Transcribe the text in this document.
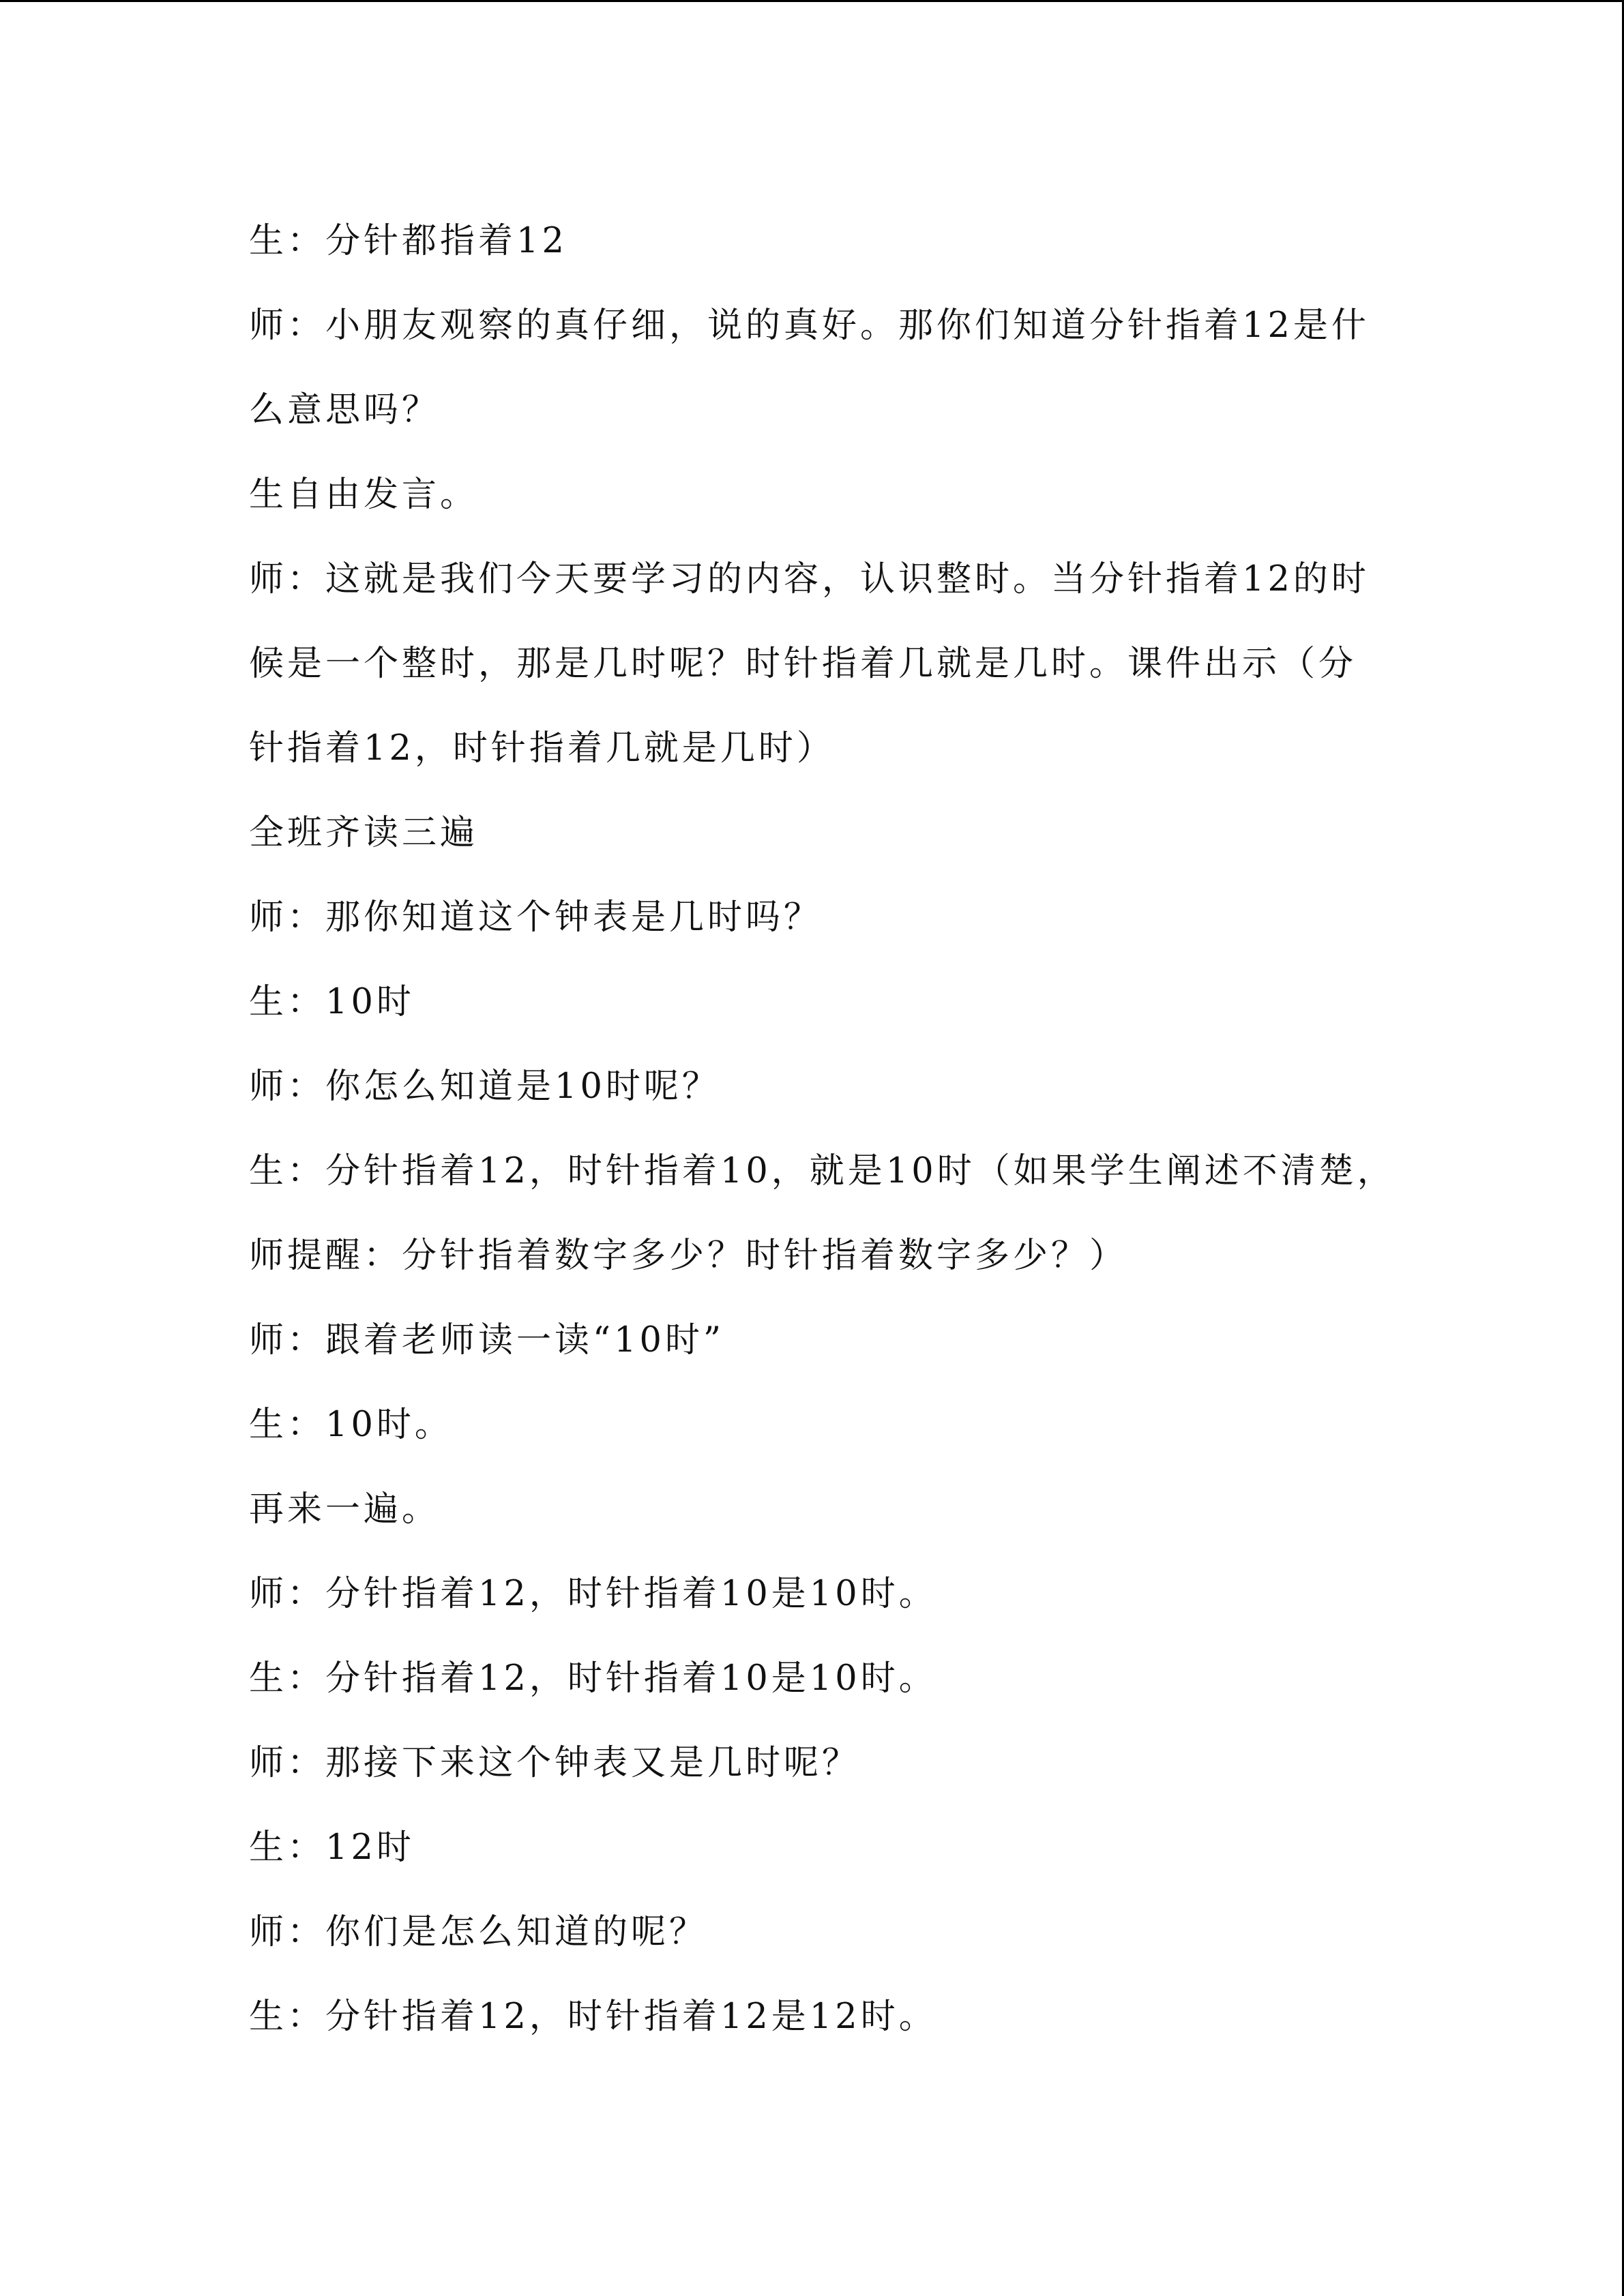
生：分针都指着12
师：小朋友观察的真仔细，说的真好。那你们知道分针指着12是什
么意思吗？
生自由发言。
师：这就是我们今天要学习的内容，认识整时。当分针指着12的时
候是一个整时，那是几时呢？时针指着几就是几时。课件出示（分
针指着12，时针指着几就是几时）
全班齐读三遍
师：那你知道这个钟表是几时吗？
生：10时
师：你怎么知道是10时呢？
生：分针指着12，时针指着10，就是10时（如果学生阐述不清楚，
师提醒：分针指着数字多少？时针指着数字多少？）
师：跟着老师读一读“10时”
生：10时。
再来一遍。
师：分针指着12，时针指着10是10时。
生：分针指着12，时针指着10是10时。
师：那接下来这个钟表又是几时呢？
生：12时
师：你们是怎么知道的呢？
生：分针指着12，时针指着12是12时。
